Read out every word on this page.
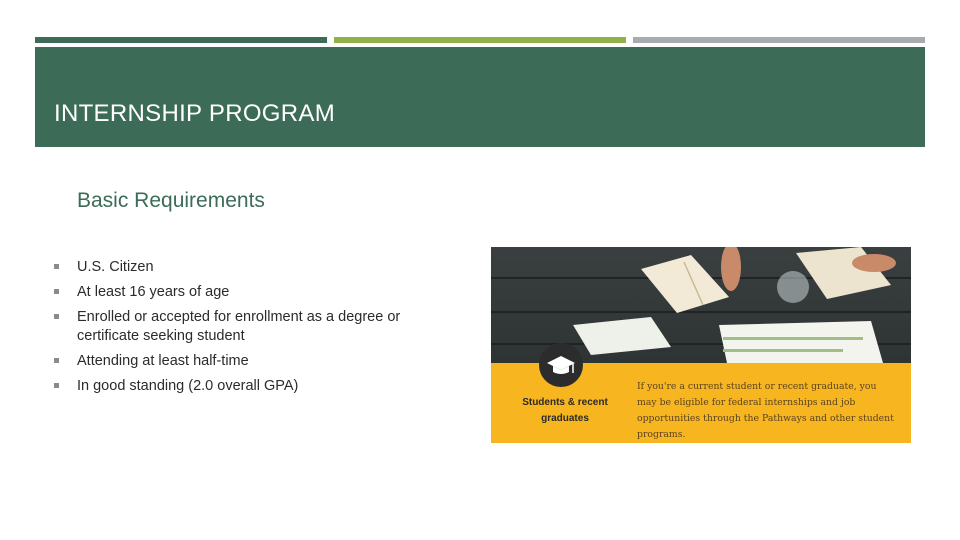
INTERNSHIP PROGRAM
Basic Requirements
U.S. Citizen
At least 16 years of age
Enrolled or accepted for enrollment as a degree or certificate seeking student
Attending at least half-time
In good standing (2.0 overall GPA)
Students & recent graduates
If you're a current student or recent graduate, you may be eligible for federal internships and job opportunities through the Pathways and other student programs.
